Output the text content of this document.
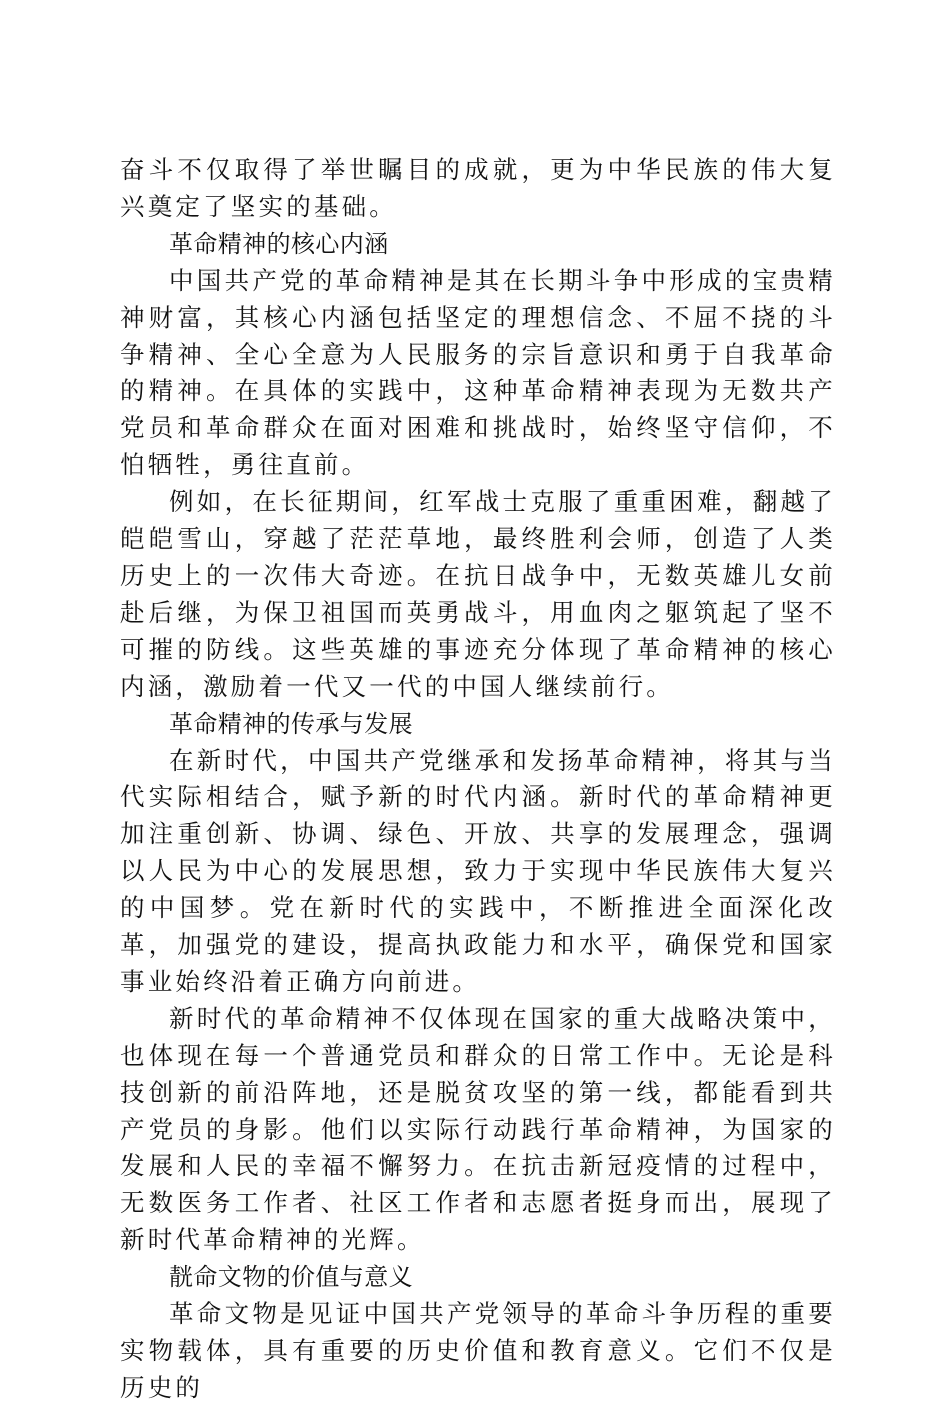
奋斗不仅取得了举世瞩目的成就，更为中华民族的伟大复兴奠定了坚实的基础。

革命精神的核心内涵

中国共产党的革命精神是其在长期斗争中形成的宝贵精神财富，其核心内涵包括坚定的理想信念、不屈不挠的斗争精神、全心全意为人民服务的宗旨意识和勇于自我革命的精神。在具体的实践中，这种革命精神表现为无数共产党员和革命群众在面对困难和挑战时，始终坚守信仰，不怕牺牲，勇往直前。

例如，在长征期间，红军战士克服了重重困难，翻越了皑皑雪山，穿越了茫茫草地，最终胜利会师，创造了人类历史上的一次伟大奇迹。在抗日战争中，无数英雄儿女前赴后继，为保卫祖国而英勇战斗，用血肉之躯筑起了坚不可摧的防线。这些英雄的事迹充分体现了革命精神的核心内涵，激励着一代又一代的中国人继续前行。

革命精神的传承与发展

在新时代，中国共产党继承和发扬革命精神，将其与当代实际相结合，赋予新的时代内涵。新时代的革命精神更加注重创新、协调、绿色、开放、共享的发展理念，强调以人民为中心的发展思想，致力于实现中华民族伟大复兴的中国梦。党在新时代的实践中，不断推进全面深化改革，加强党的建设，提高执政能力和水平，确保党和国家事业始终沿着正确方向前进。

新时代的革命精神不仅体现在国家的重大战略决策中，也体现在每一个普通党员和群众的日常工作中。无论是科技创新的前沿阵地，还是脱贫攻坚的第一线，都能看到共产党员的身影。他们以实际行动践行革命精神，为国家的发展和人民的幸福不懈努力。在抗击新冠疫情的过程中，无数医务工作者、社区工作者和志愿者挺身而出，展现了新时代革命精神的光辉。

靗命文物的价值与意义

革命文物是见证中国共产党领导的革命斗争历程的重要实物载体，具有重要的历史价值和教育意义。它们不仅是历史的
